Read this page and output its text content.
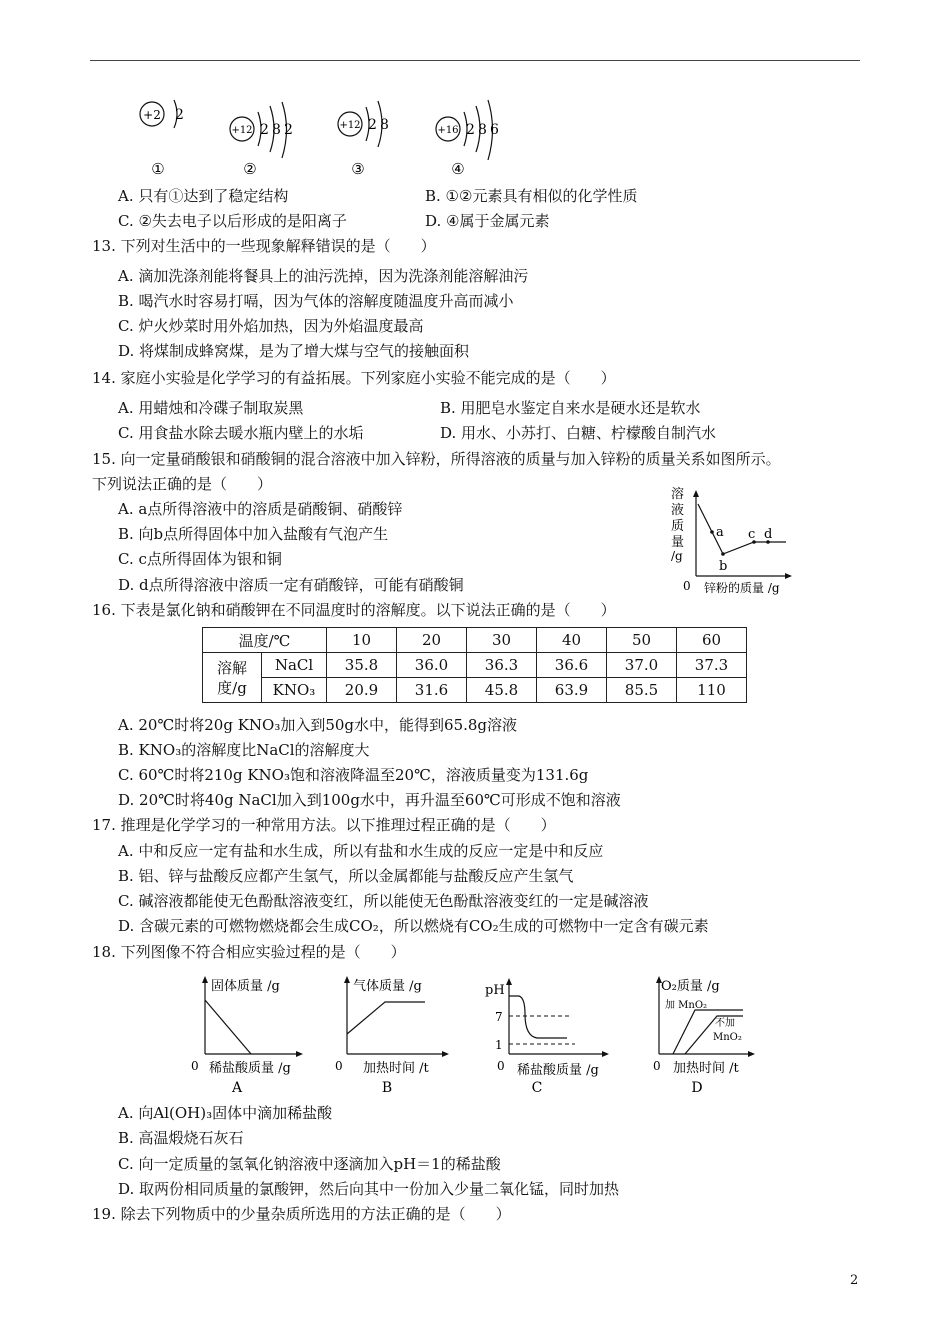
+2 2
①
+12 2 8 2
②
+12 2 8
③
+16 2 8 6
④
A. 只有①达到了稳定结构	B. ①②元素具有相似的化学性质
C. ②失去电子以后形成的是阳离子	D. ④属于金属元素
13. 下列对生活中的一些现象解释错误的是（　　）
A. 滴加洗涤剂能将餐具上的油污洗掉，因为洗涤剂能溶解油污
B. 喝汽水时容易打嗝，因为气体的溶解度随温度升高而减小
C. 炉火炒菜时用外焰加热，因为外焰温度最高
D. 将煤制成蜂窝煤，是为了增大煤与空气的接触面积
14. 家庭小实验是化学学习的有益拓展。下列家庭小实验不能完成的是（　　）
A. 用蜡烛和冷碟子制取炭黑	B. 用肥皂水鉴定自来水是硬水还是软水
C. 用食盐水除去暖水瓶内壁上的水垢	D. 用水、小苏打、白糖、柠檬酸自制汽水
15. 向一定量硝酸银和硝酸铜的混合溶液中加入锌粉，所得溶液的质量与加入锌粉的质量关系如图所示。
下列说法正确的是（　　）
A. a点所得溶液中的溶质是硝酸铜、硝酸锌
B. 向b点所得固体中加入盐酸有气泡产生
C. c点所得固体为银和铜
D. d点所得溶液中溶质一定有硝酸锌，可能有硝酸铜
溶
液
质
量
/g
a
b
c d
0 锌粉的质量 /g
16. 下表是氯化钠和硝酸钾在不同温度时的溶解度。以下说法正确的是（　　）
温度/℃		10	20	30	40	50	60
溶解度/g	NaCl	35.8	36.0	36.3	36.6	37.0	37.3
	KNO₃	20.9	31.6	45.8	63.9	85.5	110
A. 20℃时将20g KNO₃加入到50g水中，能得到65.8g溶液
B. KNO₃的溶解度比NaCl的溶解度大
C. 60℃时将210g KNO₃饱和溶液降温至20℃，溶液质量变为131.6g
D. 20℃时将40g NaCl加入到100g水中，再升温至60℃可形成不饱和溶液
17. 推理是化学学习的一种常用方法。以下推理过程正确的是（　　）
A. 中和反应一定有盐和水生成，所以有盐和水生成的反应一定是中和反应
B. 铝、锌与盐酸反应都产生氢气，所以金属都能与盐酸反应产生氢气
C. 碱溶液都能使无色酚酞溶液变红，所以能使无色酚酞溶液变红的一定是碱溶液
D. 含碳元素的可燃物燃烧都会生成CO₂，所以燃烧有CO₂生成的可燃物中一定含有碳元素
18. 下列图像不符合相应实验过程的是（　　）
固体质量 /g
0 稀盐酸质量 /g
A
气体质量 /g
0 加热时间 /t
B
pH
7
1
0 稀盐酸质量 /g
C
O₂质量 /g
加 MnO₂
不加
MnO₂
0 加热时间 /t
D
A. 向Al(OH)₃固体中滴加稀盐酸
B. 高温煅烧石灰石
C. 向一定质量的氢氧化钠溶液中逐滴加入pH＝1的稀盐酸
D. 取两份相同质量的氯酸钾，然后向其中一份加入少量二氧化锰，同时加热
19. 除去下列物质中的少量杂质所选用的方法正确的是（　　）
2
